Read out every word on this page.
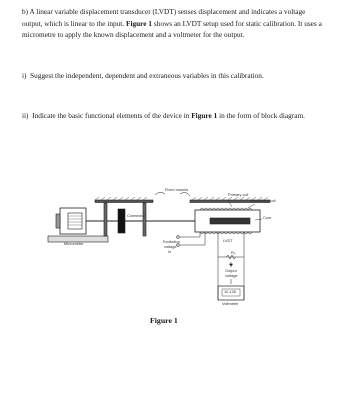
b) A linear variable displacement transducer (LVDT) senses displacement and indicates a voltage output, which is linear to the input. Figure 1 shows an LVDT setup used for static calibration. It uses a micrometre to apply the known displacement and a voltmeter for the output.
i) Suggest the independent, dependent and extraneous variables in this calibration.
ii) Indicate the basic functional elements of the device in Figure 1 in the form of block diagram.
Fixed mounts
Primary coil
Secondary coil
Core
Connector
Micrometer	Excitation
voltage
in
LVDT
R₀
Output
voltage
10.135
Voltmeter
Figure 1
